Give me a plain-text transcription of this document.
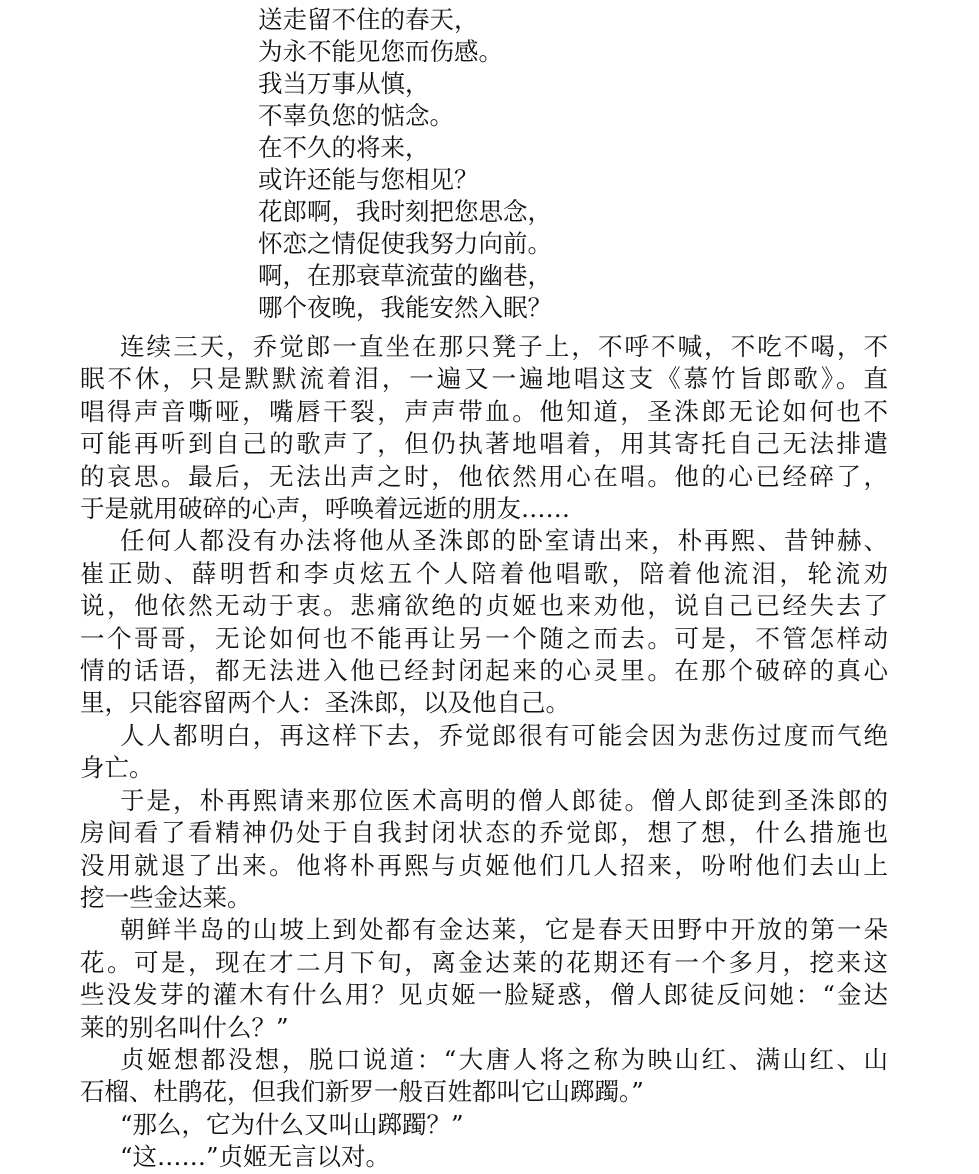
送走留不住的春天，
为永不能见您而伤感。
我当万事从慎，
不辜负您的惦念。
在不久的将来，
或许还能与您相见？
花郎啊，我时刻把您思念，
怀恋之情促使我努力向前。
啊，在那衰草流萤的幽巷，
哪个夜晚，我能安然入眠？
连续三天，乔觉郎一直坐在那只凳子上，不呼不喊，不吃不喝，不
眠不休，只是默默流着泪，一遍又一遍地唱这支《慕竹旨郎歌》。直
唱得声音嘶哑，嘴唇干裂，声声带血。他知道，圣洙郎无论如何也不
可能再听到自己的歌声了，但仍执著地唱着，用其寄托自己无法排遣
的哀思。最后，无法出声之时，他依然用心在唱。他的心已经碎了，
于是就用破碎的心声，呼唤着远逝的朋友……
任何人都没有办法将他从圣洙郎的卧室请出来，朴再熙、昔钟赫、
崔正勋、薛明哲和李贞炫五个人陪着他唱歌，陪着他流泪，轮流劝
说，他依然无动于衷。悲痛欲绝的贞姬也来劝他，说自己已经失去了
一个哥哥，无论如何也不能再让另一个随之而去。可是，不管怎样动
情的话语，都无法进入他已经封闭起来的心灵里。在那个破碎的真心
里，只能容留两个人：圣洙郎，以及他自己。
人人都明白，再这样下去，乔觉郎很有可能会因为悲伤过度而气绝
身亡。
于是，朴再熙请来那位医术高明的僧人郎徒。僧人郎徒到圣洙郎的
房间看了看精神仍处于自我封闭状态的乔觉郎，想了想，什么措施也
没用就退了出来。他将朴再熙与贞姬他们几人招来，吩咐他们去山上
挖一些金达莱。
朝鲜半岛的山坡上到处都有金达莱，它是春天田野中开放的第一朵
花。可是，现在才二月下旬，离金达莱的花期还有一个多月，挖来这
些没发芽的灌木有什么用？见贞姬一脸疑惑，僧人郎徒反问她：“金达
莱的别名叫什么？”
贞姬想都没想，脱口说道：“大唐人将之称为映山红、满山红、山
石榴、杜鹃花，但我们新罗一般百姓都叫它山踯躅。”
“那么，它为什么又叫山踯躅？”
“这……”贞姬无言以对。
